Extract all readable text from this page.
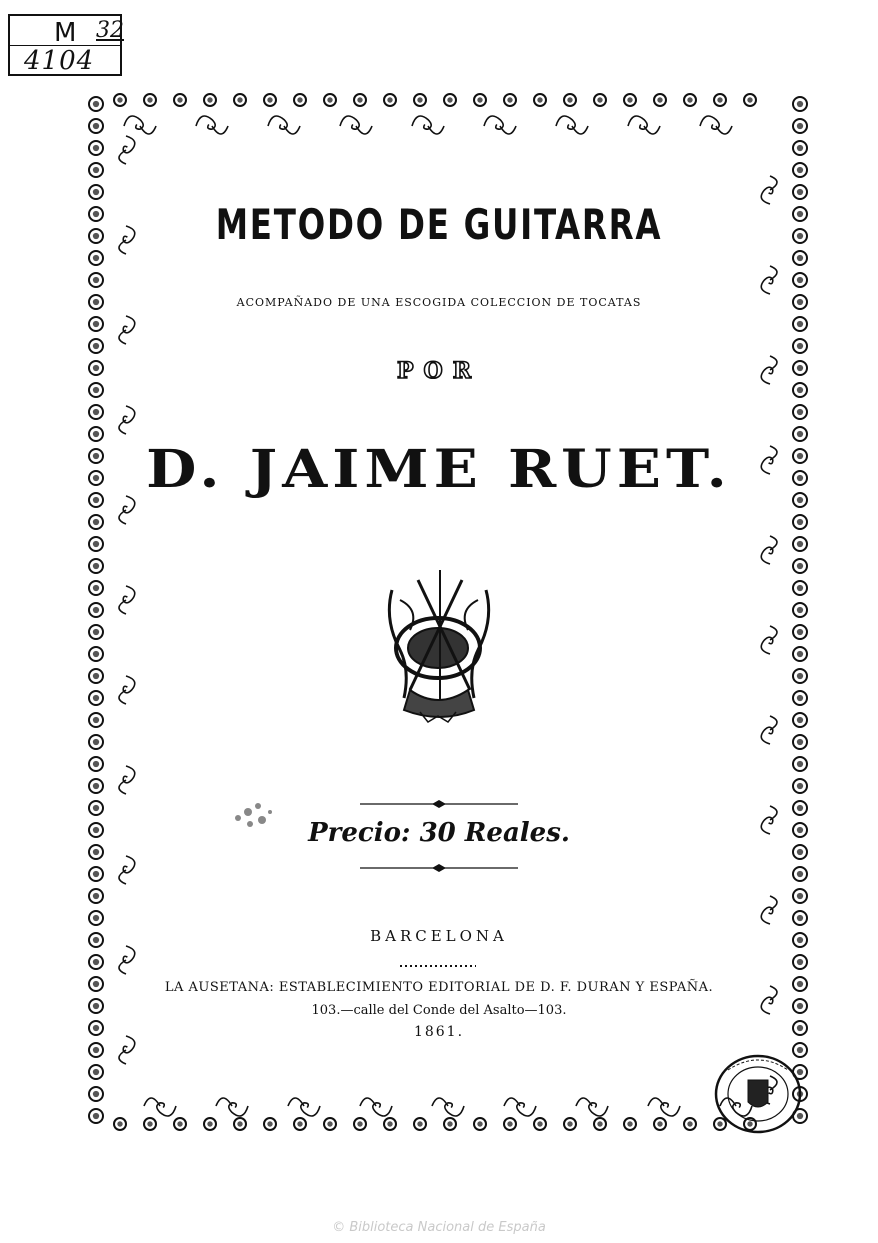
M 32
4104
METODO DE GUITARRA
ACOMPAÑADO DE UNA ESCOGIDA COLECCION DE TOCATAS
POR
D. JAIME RUET.
Precio: 30 Reales.
BARCELONA
LA AUSETANA: ESTABLECIMIENTO EDITORIAL DE D. F. DURAN Y ESPAÑA.
103.—calle del Conde del Asalto—103.
1861.
© Biblioteca Nacional de España
